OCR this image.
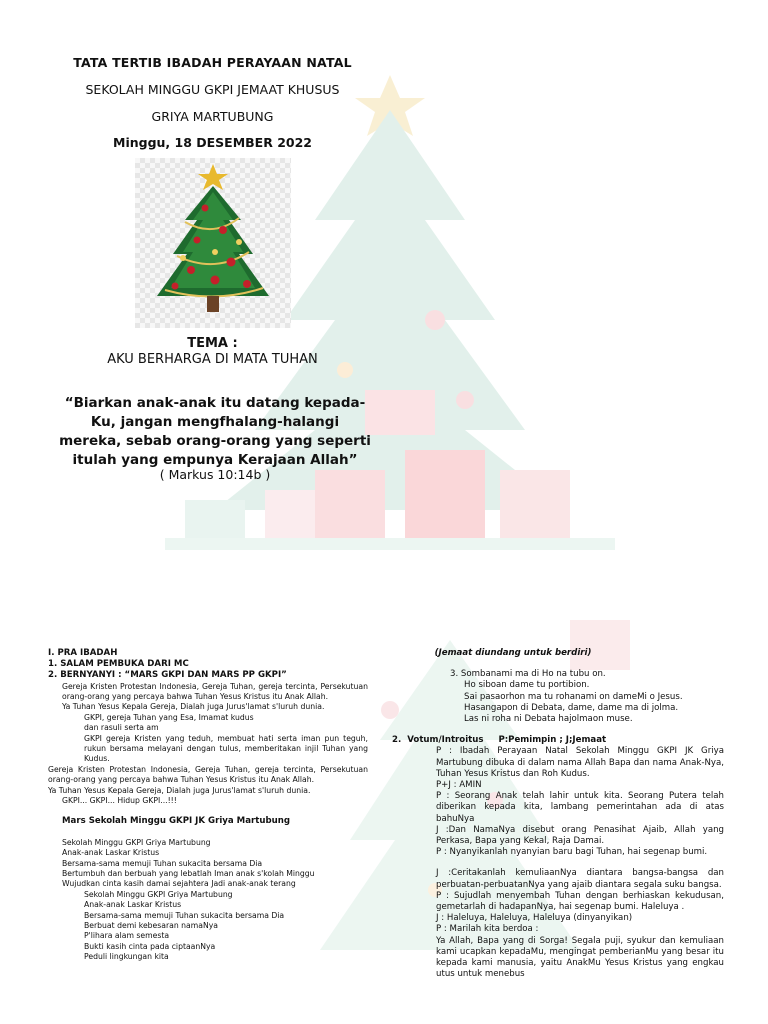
TATA TERTIB IBADAH PERAYAAN NATAL
SEKOLAH MINGGU GKPI JEMAAT KHUSUS
GRIYA MARTUBUNG
Minggu, 18 DESEMBER 2022
TEMA :
AKU BERHARGA DI MATA TUHAN
“Biarkan anak-anak itu datang kepada-Ku, jangan mengfhalang-halangi mereka, sebab orang-orang yang seperti itulah yang empunya Kerajaan Allah”
( Markus 10:14b )
I. PRA IBADAH
1. SALAM PEMBUKA DARI MC
2. BERNYANYI : “MARS GKPI DAN MARS PP GKPI”
Gereja Kristen Protestan Indonesia, Gereja Tuhan, gereja tercinta, Persekutuan orang-orang yang percaya bahwa Tuhan Yesus Kristus itu Anak Allah.
Ya Tuhan Yesus Kepala Gereja, Dialah juga Jurus'lamat s'luruh dunia.
GKPI, gereja Tuhan yang Esa, Imamat kudus
dan rasuli serta am
GKPI gereja Kristen yang teduh, membuat hati serta iman pun teguh, rukun bersama melayani dengan tulus, memberitakan injil Tuhan yang Kudus.
Gereja Kristen Protestan Indonesia, Gereja Tuhan, gereja tercinta, Persekutuan orang-orang yang percaya bahwa Tuhan Yesus Kristus itu Anak Allah.
Ya Tuhan Yesus Kepala Gereja, Dialah juga Jurus'lamat s'luruh dunia.
GKPI... GKPI... Hidup GKPI...!!!
Mars Sekolah Minggu GKPI JK Griya Martubung
Sekolah Minggu GKPI Griya Martubung
Anak-anak Laskar Kristus
Bersama-sama memuji Tuhan sukacita bersama Dia
Bertumbuh dan berbuah yang lebatlah Iman anak s'kolah Minggu
Wujudkan cinta kasih damai sejahtera Jadi anak-anak terang
Sekolah Minggu GKPI Griya Martubung
Anak-anak Laskar Kristus
Bersama-sama memuji Tuhan sukacita bersama Dia
Berbuat demi kebesaran namaNya
P'lihara alam semesta
Bukti kasih cinta pada ciptaanNya
Peduli lingkungan kita
(Jemaat diundang untuk berdiri)
3. Sombanami ma di Ho na tubu on.
Ho siboan dame tu portibion.
Sai pasaorhon ma tu rohanami on dameMi o Jesus.
Hasangapon di Debata, dame, dame ma di jolma.
Las ni roha ni Debata hajolmaon muse.
2.  Votum/Introitus     P:Pemimpin ; J;Jemaat
P : Ibadah Perayaan Natal Sekolah Minggu GKPI JK Griya Martubung dibuka di dalam nama Allah Bapa dan nama Anak-Nya, Tuhan Yesus Kristus dan Roh Kudus.
P+J : AMIN
P : Seorang Anak telah lahir untuk kita. Seorang Putera telah diberikan kepada kita, lambang pemerintahan ada di atas bahuNya
J :Dan NamaNya disebut orang Penasihat Ajaib, Allah yang Perkasa, Bapa yang Kekal, Raja Damai.
P : Nyanyikanlah nyanyian baru bagi Tuhan, hai segenap bumi.
J :Ceritakanlah kemuliaanNya diantara bangsa-bangsa dan perbuatan-perbuatanNya yang ajaib diantara segala suku bangsa.
P : Sujudlah menyembah Tuhan dengan berhiaskan kekudusan, gemetarlah di hadapanNya, hai segenap bumi. Haleluya .
J : Haleluya, Haleluya, Haleluya (dinyanyikan)
P : Marilah kita berdoa :
Ya Allah, Bapa yang di Sorga! Segala puji, syukur dan kemuliaan kami ucapkan kepadaMu, mengingat pemberianMu yang besar itu kepada kami manusia, yaitu AnakMu Yesus Kristus yang engkau utus untuk menebus
